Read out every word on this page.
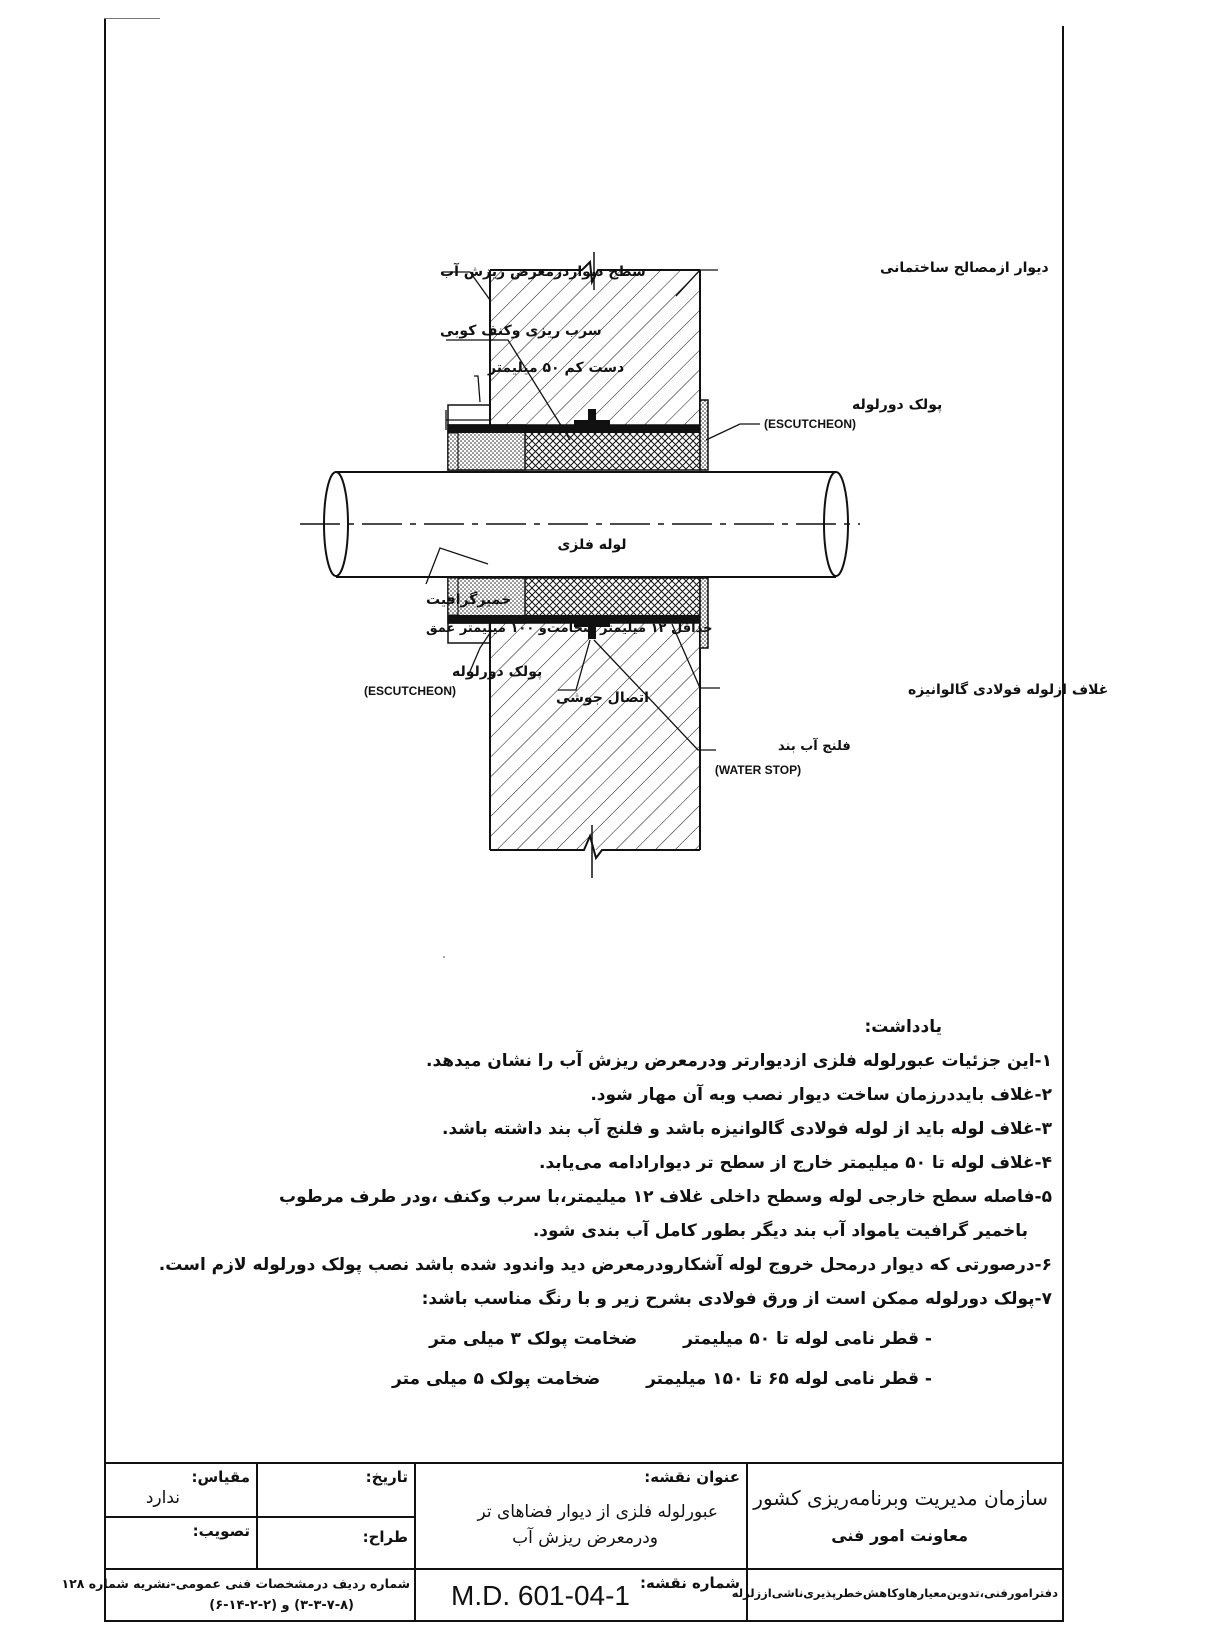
سطح دیواردرمعرض ریزش آب	دیوار ازمصالح ساختمانی
سرب ریزی وکنف کوبی
دست کم ۵۰ میلیمتر
پولک دورلوله
(ESCUTCHEON)
لوله فلزی
خمیرگرافیت
حداقل ۱۲ میلیمتر ضخامت‌و ۱۰۰ میلیمتر عمق
پولک دورلوله
(ESCUTCHEON)	اتصال جوشی	غلاف ازلوله فولادی گالوانیزه
فلنج آب بند
(WATER STOP)
یادداشت:
۱-این جزئیات عبورلوله فلزی ازدیوارتر ودرمعرض ریزش آب را نشان میدهد.
۲-غلاف بایددرزمان ساخت دیوار نصب وبه آن مهار شود.
۳-غلاف لوله باید از لوله فولادی گالوانیزه باشد و فلنج آب بند داشته باشد.
۴-غلاف لوله تا ۵۰ میلیمتر خارج از سطح تر دیوارادامه می‌یابد.
۵-فاصله سطح خارجی لوله وسطح داخلی غلاف ۱۲ میلیمتر،با سرب وکنف ،ودر طرف مرطوب
باخمیر گرافیت یامواد آب بند دیگر بطور کامل آب بندی شود.
۶-درصورتی که دیوار درمحل خروج لوله آشکارودرمعرض دید واندود شده باشد نصب پولک دورلوله لازم است.
۷-پولک دورلوله ممکن است از ورق فولادی بشرح زیر و با رنگ مناسب باشد:
- قطر نامی لوله تا ۵۰ میلیمتر ضخامت پولک ۳ میلی متر
- قطر نامی لوله ۶۵ تا ۱۵۰ میلیمتر ضخامت پولک ۵ میلی متر
سازمان مدیریت وبرنامه‌ریزی کشور
معاونت امور فنی
دفترامورفنی،تدوین‌معیارهاوکاهش‌خطرپذیری‌ناشی‌اززلزله
عنوان نقشه:
عبورلوله فلزی از دیوار فضاهای تر
ودرمعرض ریزش آب
شماره نقشه:
M.D. 601-04-1
تاریخ:
مقیاس:
ندارد
طراح:
تصویب:
شماره ردیف درمشخصات فنی عمومی-نشریه شماره ۱۲۸
(۳-۳-۷-۸) و (۲-۲-۱۴-۶)
